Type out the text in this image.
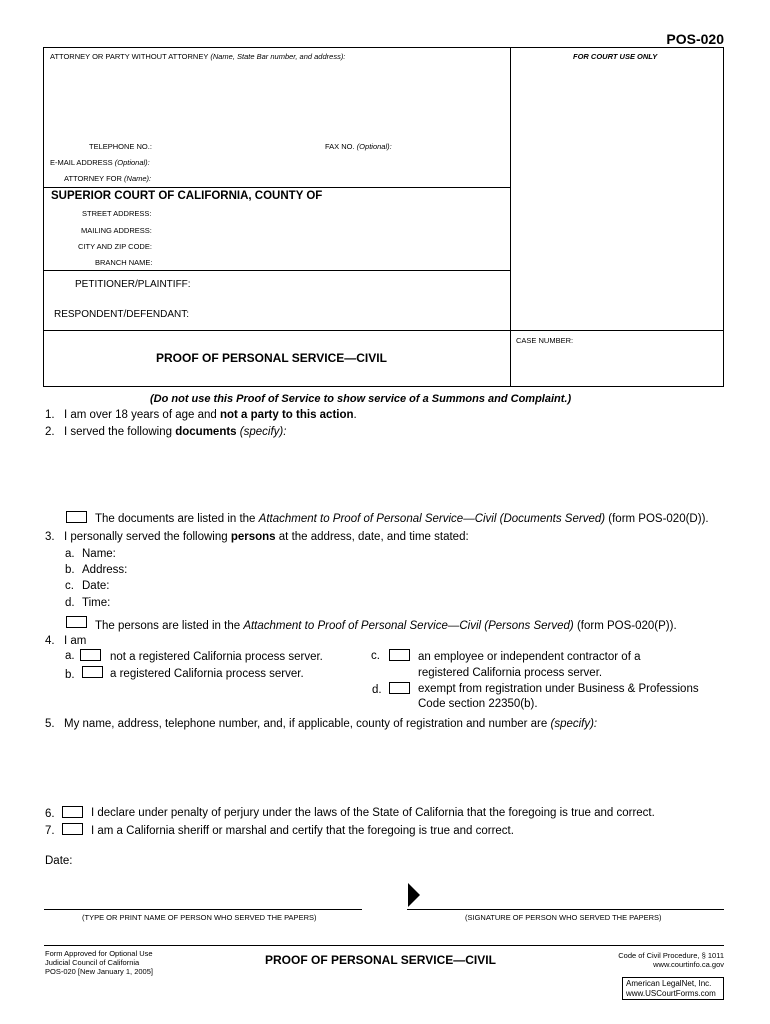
POS-020
ATTORNEY OR PARTY WITHOUT ATTORNEY (Name, State Bar number, and address):	FOR COURT USE ONLY
TELEPHONE NO.:	FAX NO. (Optional):
E-MAIL ADDRESS (Optional):
ATTORNEY FOR (Name):
SUPERIOR COURT OF CALIFORNIA, COUNTY OF
STREET ADDRESS:
MAILING ADDRESS:
CITY AND ZIP CODE:
BRANCH NAME:
PETITIONER/PLAINTIFF:
RESPONDENT/DEFENDANT:
CASE NUMBER:
PROOF OF PERSONAL SERVICE—CIVIL
(Do not use this Proof of Service to show service of a Summons and Complaint.)
1. I am over 18 years of age and not a party to this action.
2. I served the following documents (specify):
The documents are listed in the Attachment to Proof of Personal Service—Civil (Documents Served) (form POS-020(D)).
3. I personally served the following persons at the address, date, and time stated:
a. Name:
b. Address:
c. Date:
d. Time:
The persons are listed in the Attachment to Proof of Personal Service—Civil (Persons Served) (form POS-020(P)).
4. I am
a.	not a registered California process server.
b.	a registered California process server.
c.	an employee or independent contractor of a
registered California process server.
d.	exempt from registration under Business & Professions
Code section 22350(b).
5. My name, address, telephone number, and, if applicable, county of registration and number are (specify):
6.	I declare under penalty of perjury under the laws of the State of California that the foregoing is true and correct.
7.	I am a California sheriff or marshal and certify that the foregoing is true and correct.
Date:
(TYPE OR PRINT NAME OF PERSON WHO SERVED THE PAPERS)	(SIGNATURE OF PERSON WHO SERVED THE PAPERS)
Form Approved for Optional Use
Judicial Council of California
POS-020 [New January 1, 2005]
PROOF OF PERSONAL SERVICE—CIVIL	Code of Civil Procedure, § 1011
www.courtinfo.ca.gov
American LegalNet, Inc.
www.USCourtForms.com
